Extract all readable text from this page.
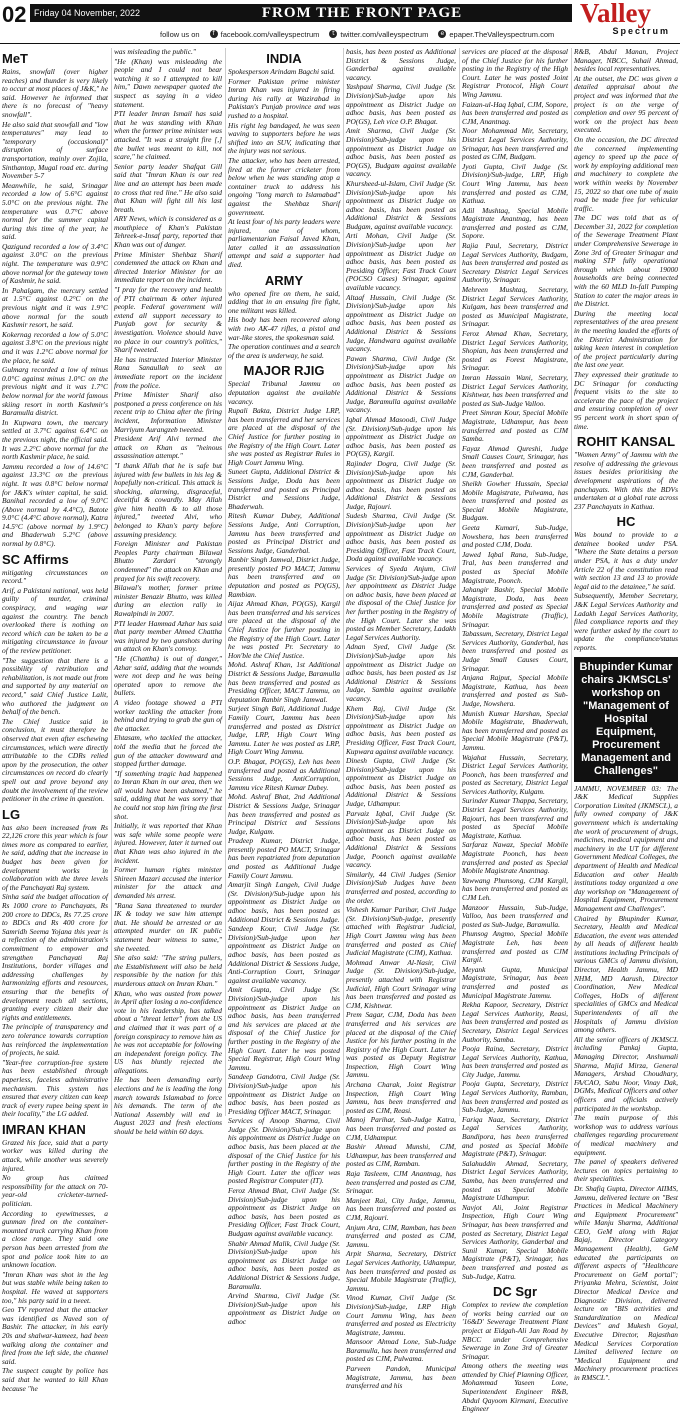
02 Friday 04 November, 2022	FROM THE FRONT PAGE	Valley
Spectrum
follow us on	f facebook.com/valleyspectrum	t twitter.com/valleyspectrum	e epaper.TheValleyspectrum.com
MeT

Rains, snowfall (over higher reaches) and thunder is very likely to occur at most places of J&K," he said. However he informed that there is no forecast of "heavy snowfall".

He also said that snowfall and "low temperatures" may lead to "temporary (occasional)" disruption of surface transportation, mainly over Zojila, Sinthantop, Mugal road etc. during November 5-7

Meanwhile, he said, Srinagar recorded a low of 5.6°C against 5.0°C on the previous night. The temperature was 0.7°C above normal for the summer capital during this time of the year, he said.

Qazigund recorded a low of 3.4°C against 3.0°C on the previous night. The temperature was 0.9°C above normal for the gateway town of Kashmir, he said.

In Pahalgam, the mercury settled at 1.5°C against 0.2°C on the previous night and it was 1.9°C above normal for the south Kashmir resort, he said.

Kokernag recorded a low of 5.0°C against 3.8°C on the previous night and it was 1.2°C above normal for the place, he said.

Gulmarg recorded a low of minus 0.0°C against minus 1.0°C on the previous night and it was 1.7°C below normal for the world famous skiing resort in north Kashmir's Baramulla district.

In Kupwara town, the mercury settled at 3.7°C against 6.4°C on the previous night, the official said. It was 2.2°C above normal for the north Kashmir place, he said.

Jammu recorded a low of 14.6°C against 13.3°C on the previous night. It was 0.8°C below normal for J&K's winter capital, he said. Banihal recorded a low of 9.0°C (Above normal by 4.4°C), Batote 9.0°C (4.4°C above normal), Katra 14.5°C (above normal by 1.9°C) and Bhaderwah 5.2°C (above normal by 0.8°C).

SC Affirms

mitigating circumstances on record."

Arif, a Pakistani national, was held guilty of murder, criminal conspiracy, and waging war against the country. The bench overlooked there is nothing on record which can be taken to be a mitigating circumstance in favour of the review petitioner.

"The suggestion that there is a possibility of retribution and rehabilitation, is not made out from and supported by any material on record," said Chief Justice Lalit, who authored the judgment on behalf of the bench.

The Chief Justice said in conclusion, it must therefore be observed that even after eschewing circumstances, which were directly attributable to the CDRs relied upon by the prosecution, the other circumstances on record do clearly spell out and prove beyond any doubt the involvement of the review petitioner in the crime in question.

LG

has also been increased from Rs 22,126 crore this year which is four times more as compared to earlier, he said, adding that the increase in budget has been given for development works in collaboration with the three levels of the Panchayati Raj system.

Sinha said the budget allocation of Rs 1000 crore to Panchayats, Rs 200 crore to DDCs, Rs 77.25 crore to BDCs and Rs 400 crore for Samridh Seema Yojana this year is a reflection of the administration's commitment to empower and strengthen Panchayati Raj Institutions, border villages and addressing challenges by harmonizing efforts and resources, ensuring that the benefits of development reach all sections, granting every citizen their due rights and entitlements.

The principle of transparency and zero tolerance towards corruption has reinforced the implementation of projects, he said.

"Year-free corruption-free system has been established through paperless, faceless administrative mechanism. This system has ensured that every citizen can keep track of every rupee being spent in their locality," the LG added.

IMRAN KHAN

Grazed his face, said that a party worker was killed during the attack, while another was severely injured.

No group has claimed responsibility for the attack on 70-year-old cricketer-turned-politician.

According to eyewitnesses, a gunman fired on the container-mounted truck carrying Khan from a close range. They said one person has been arrested from the spot and police took him to an unknown location.

"Imran Khan was shot in the leg but was stable while being taken to hospital. He waved at supporters too," his party said in a tweet.

Geo TV reported that the attacker was identified as Naved son of Bashir. The attacker, in his early 20s and shalwar-kameez, had been walking along the container and fired from the left side, the channel said.

The suspect caught by police has said that he wanted to kill Khan because "he

was misleading the public."

"He (Khan) was misleading the people and I could not bear watching it so I attempted to kill him," Dawn newspaper quoted the suspect as saying in a video statement.

PTI leader Imran Ismail has said that he was standing with Khan when the former prime minister was attacked. "It was a straight fire [,] the bullet was meant to kill, not scare," he claimed.

Senior party leader Shafqat Gill said that "Imran Khan is our red line and an attempt has been made to cross that red line." He also said that Khan will fight till his last breath.

ARY News, which is considered as a mouthpiece of Khan's Pakistan Tehreek-e-Insaf party, reported that Khan was out of danger.

Prime Minister Shehbaz Sharif condemned the attack on Khan and directed Interior Minister for an immediate report on the incident.

"I pray for the recovery and health of PTI chairman & other injured people. Federal government will extend all support necessary to Punjab govt for security & investigation. Violence should have no place in our country's politics," Sharif tweeted.

He has instructed Interior Minister Rana Sanaullah to seek an immediate report on the incident from the police.

Prime Minister Sharif also postponed a press conference on his recent trip to China after the firing incident, Information Minister Marriyum Aurangzeb tweeted.

President Arif Alvi termed the attack on Khan as "heinous assassination attempt."

"I thank Allah that he is safe but injured with few bullets in his leg & hopefully non-critical. This attack is shocking, alarming, disgraceful, deceitful & cowardly. May Allah give him health & to all those injured," tweeted Alvi, who belonged to Khan's party before assuming presidency.

Foreign Minister and Pakistan Peoples Party chairman Bilawal Bhutto Zardari "strongly condemned" the attack on Khan and prayed for his swift recovery.

Bilawal's mother, former prime minister Benazir Bhutto, was killed during an election rally in Rawalpindi in 2007.

PTI leader Hammad Azhar has said that party member Ahmed Chattha was injured by two gunshots during an attack on Khan's convoy.

"He (Chattha) is out of danger," Azhar said, adding that the wounds were not deep and he was being operated upon to remove the bullets.

A video footage showed a PTI worker tackling the attacker from behind and trying to grab the gun of the attacker.

Ehtasam, who tackled the attacker, told the media that he forced the gun of the attacker downward and stopped further damage.

"If something tragic had happened to Imran Khan in our area, then we all would have been ashamed," he said, adding that he was sorry that he could not stop him firing the first shot.

Initially, it was reported that Khan was safe while some people were injured. However, later it turned out that Khan was also injured in the incident.

Former human rights minister Shireen Mazari accused the interior minister for the attack and demanded his arrest.

"Rana Sana threatened to murder IK & today we saw him attempt that. He should be arrested or an attempted murder on IK public statement bear witness to same," she tweeted.

She also said: "The string pullers, the Establishment will also be held responsible by the nation for this murderous attack on Imran Khan."

Khan, who was ousted from power in April after losing a no-confidence vote in his leadership, has talked about a "threat letter" from the US and claimed that it was part of a foreign conspiracy to remove him as he was not acceptable for following an independent foreign policy. The US has bluntly rejected the allegations.

He has been demanding early elections and he is leading the long march towards Islamabad to force his demands. The term of the National Assembly will end in August 2023 and fresh elections should be held within 60 days.

INDIA

Spokesperson Arindam Bagchi said.

Former Pakistan prime minister Imran Khan was injured in firing during his rally at Wazirabad in Pakistan's Punjab province and was rushed to a hospital.

His right leg bandaged, he was seen waving to supporters before he was shifted into an SUV, indicating that the injury was not serious.

The attacker, who has been arrested, fired at the former cricketer from below when he was standing atop a container truck to address his ongoing "long march to Islamabad" against the Shehbaz Sharif government.

At least four of his party leaders were injured, one of whom, parliamentarian Faisal Javed Khan, later called it an assassination attempt and said a supporter had died.

ARMY

who opened fire on them, he said, adding that in an ensuing fire fight, one militant was killed.

His body has been recovered along with two AK-47 rifles, a pistol and war-like stores, the spokesman said.

The operation continues and a search of the area is underway, he said.

MAJOR RJIG

Special Tribunal Jammu on deputation against the available vacancy.

Rupali Bakta, District Judge LRP, has been transferred and her services are placed at the disposal of the Chief Justice for further posting in the Registry of the High Court. Later she was posted as Registrar Rules in High Court Jammu Wing.

Suneet Gupta, Additional District & Sessions Judge, Doda has been transferred and posted as Principal District and Sessions Judge, Bhaderwah.

Ritesh Kumar Dubey, Additional Sessions Judge, Anti Corruption, Jammu has been transferred and posted as Principal District and Sessions Judge, Ganderbal.

Ranbir Singh Jamwal, District Judge, presently posted PO MACT, Jammu has been transferred and on deputation and posted as PO(GS), Rambian.

Aijaz Ahmad Khan, PO(GS), Kargil has been transferred and his services are placed at the disposal of the Chief Justice for further posting in the Registry of the High Court. Later he was posted Pr. Secretary to Hon'ble the Chief Justice.

Mohd. Ashraf Khan, 1st Additional District & Sessions Judge, Baramulla has been transferred and posted as Presiding Officer, MACT Jammu, on deputation Ranbir Singh Jamwal.

Surjeet Singh Bali, Additional Judge Family Court, Jammu has been transferred and posted as District Judge, LRP, High Court Wing Jammu. Later he was posted as LRP, High Court Wing Jammu.

O.P. Bhagat, PO(GS), Leh has been transferred and posted as Additional Sessions Judge, AntiCorruption, Jammu vice Ritesh Kumar Dubey.

Mohd. Ashraf Bhat, 2nd Additional District & Sessions Judge, Srinagar has been transferred and posted as Principal District and Sessions Judge, Kulgam.

Pradeep Kumar, District Judge, presently posted PO MACT, Srinagar has been repatriated from deputation and posted as Additional Judge Family Court Jammu.

Amarjit Singh Langeh, Civil Judge (Sr. Division)/Sub-judge upon his appointment as District Judge on adhoc basis, has been posted as Additional District & Sessions Judge.

Sandeep Kour, Civil Judge (Sr. Division)/Sub-judge upon her appointment as District Judge on adhoc basis, has been posted as Additional District & Sessions Judge, Anti-Corruption Court, Srinagar against available vacancy.

Amit Gupta, Civil Judge (Sr. Division)/Sub-judge upon his appointment as District Judge on adhoc basis, has been transferred and his services are placed at the disposal of the Chief Justice for further posting in the Registry of the High Court. Later he was posted Special Registrar, High Court Wing Jammu.

Sandeep Gandotra, Civil Judge (Sr. Division)/Sub-judge upon his appointment as District Judge on adhoc basis, has been posted as Presiding Officer MACT, Srinagar.

Services of Anoop Sharma, Civil Judge (Sr. Division)/Sub-judge upon his appointment as District Judge on adhoc basis, has been placed at the disposal of the Chief Justice for his further posting in the Registry of the High Court. Later the officer was posted Registrar Computer (IT).

Feroz Ahmad Bhat, Civil Judge (Sr. Division)/Sub-judge upon his appointment as District Judge on adhoc basis, has been posted as Presiding Officer, Fast Track Court, Budgam against available vacancy.

Shabir Ahmad Malik, Civil Judge (Sr. Division)/Sub-judge upon his appointment as District Judge on adhoc basis, has been posted as Additional District & Sessions Judge, Baramulla.

Arvind Sharma, Civil Judge (Sr. Division)/Sub-judge upon his appointment as District Judge on adhoc

basis, has been posted as Additional District & Sessions Judge, Ganderbal against available vacancy.

Yashpaul Sharma, Civil Judge (Sr. Division)/Sub-judge upon his appointment as District Judge on adhoc basis, has been posted as PO(GS), Leh vice O.P. Bhagat.

Amit Sharma, Civil Judge (Sr. Division)/Sub-judge upon his appointment as District Judge on adhoc basis, has been posted as PO(GS), Budgam against available vacancy.

Khursheed-ul-Islam, Civil Judge (Sr. Division)/Sub-judge upon his appointment as District Judge on adhoc basis, has been posted as Additional District & Sessions Budgam, against available vacancy.

Arti Mohan, Civil Judge (Sr. Division)/Sub-judge upon her appointment as District Judge on adhoc basis, has been posted as Presiding Officer, Fast Track Court (POCSO Cases) Srinagar, against available vacancy.

Altaaf Hussain, Civil Judge (Sr. Division)/Sub-judge upon his appointment as District Judge on adhoc basis, has been posted as Additional District & Sessions Judge, Handwara against available vacancy.

Pawan Sharma, Civil Judge (Sr. Division)/Sub-judge upon his appointment as District Judge on adhoc basis, has been posted as Additional District & Sessions Judge, Baramulla against available vacancy.

Iqbal Ahmad Masoodi, Civil Judge (Sr. Division)/Sub-judge upon his appointment as District Judge on adhoc basis, has been posted as PO(GS), Kargil.

Rajinder Dogra, Civil Judge (Sr. Division)/Sub-judge upon his appointment as District Judge on adhoc basis, has been posted as Additional District & Sessions Judge, Rajouri.

Sudesh Sharma, Civil Judge (Sr. Division)/Sub-judge upon her appointment as District Judge on adhoc basis, has been posted as Presiding Officer, Fast Track Court, Doda against available vacancy.

Services of Syeda Anjum, Civil Judge (Sr. Division)/Sub-judge upon her appointment as District Judge on adhoc basis, have been placed at the disposal of the Chief Justice for her further posting in the Registry of the High Court. Later she was posted as Member Secretary, Ladakh Legal Services Authority.

Adnan Syed, Civil Judge (Sr. Division)/Sub-judge upon his appointment as District Judge on adhoc basis, has been posted as 1st Additional District & Sessions Judge, Sambla against available vacancy.

Khem Raj, Civil Judge (Sr. Division)/Sub-judge upon his appointment as District Judge on adhoc basis, has been posted as Presiding Officer, Fast Track Court, Kupwara against available vacancy.

Dinesh Gupta, Civil Judge (Sr. Division)/Sub-judge upon his appointment as District Judge on adhoc basis, has been posted as Additional District & Sessions Judge, Udhampur.

Parvaiz Iqbal, Civil Judge (Sr. Division)/Sub-judge upon his appointment as District Judge on adhoc basis, has been posted as Additional District & Sessions Judge, Poonch against available vacancy.

Similarly, 44 Civil Judges (Senior Division)/Sub Judges have been transferred and posted, according to the order.

Vishesh Kumar Parihar, Civil Judge (Sr. Division)/Sub-judge, presently attached with Registrar Judicial, High Court Jammu wing has been transferred and posted as Chief Judicial Magistrate (CJM), Kathua.

Mohmad Anwar Al-Nasir, Civil Judge (Sr. Division)/Sub-judge, presently attached with Registrar Judicial, High Court Srinagar wing has been transferred and posted as CJM, Kishtwar.

Prem Sagar, CJM, Doda has been transferred and his services are placed at the disposal of the Chief Justice for his further posting in the Registry of the High Court. Later he was posted as Deputy Registrar Inspection, High Court Wing Jammu.

Archana Charak, Joint Registrar Inspection, High Court Wing Jammu, has been transferred and posted as CJM, Reasi.

Manoj Parihar, Sub-Judge Katra, has been transferred and posted as CJM, Udhampur.

Bashir Ahmad Munshi, CJM, Udhampur, has been transferred and posted as CJM, Ramban.

Raja Tasleem, CJM Anantnag, has been transferred and posted as CJM, Srinagar.

Manjeet Rai, City Judge, Jammu, has been transferred and posted as CJM, Rajouri.

Anjum Ara, CJM, Ramban, has been transferred and posted as CJM, Jammu.

Arpit Sharma, Secretary, District Legal Services Authority, Udhampur, has been transferred and posted as Special Mobile Magistrate (Traffic), Jammu.

Vinod Kumar, Civil Judge (Sr. Division)/Sub-judge, LRP High Court Jammu Wing, has been transferred and posted as Electricity Magistrate, Jammu.

Mansoor Ahmad Lone, Sub-Judge Baramulla, has been transferred and posted as CJM, Pulwama.

Parveen Pandoh, Municipal Magistrate, Jammu, has been transferred and his

services are placed at the disposal of the Chief Justice for his further posting in the Registry of the High Court. Later he was posted Joint Registrar Protocol, High Court Wing Jammu.

Faizan-ul-Haq Iqbal, CJM, Sopore, has been transferred and posted as CJM, Anantnag.

Noor Mohammad Mir, Secretary, District Legal Services Authority, Srinagar, has been transferred and posted as CJM, Budgam.

Jyoti Gupta, Civil Judge (Sr. Division)/Sub-judge, LRP, High Court Wing Jammu, has been transferred and posted as CJM, Kathua.

Adil Mushtaq, Special Mobile Magistrate Anantnag, has been transferred and posted as CJM, Sopore.

Rajia Paul, Secretary, District Legal Services Authority, Budgam, has been transferred and posted as Secretary District Legal Services Authority, Srinagar.

Mehreen Mushtaq, Secretary, District Legal Services Authority, Kulgam, has been transferred and posted as Municipal Magistrate, Srinagar.

Feroz Ahmad Khan, Secretary, District Legal Services Authority, Shopian, has been transferred and posted as Forest Magistrate, Srinagar.

Imran Hassain Wani, Secretary, District Legal Services Authority, Kishtwar, has been transferred and posted as Sub-Judge Valloo.

Preet Simran Kour, Special Mobile Magistrate, Udhampur, has been transferred and posted as CJM Samba.

Fayaz Ahmad Qureshi, Judge Small Causes Court, Srinagar, has been transferred and posted as CJM, Ganderbal.

Sheikh Gowher Hussain, Special Mobile Magistrate, Pulwama, has been transferred and posted as Special Mobile Magistrate, Budgam.

Geeta Kumari, Sub-Judge, Nowshera, has been transferred and posted CJM, Doda.

Jawed Iqbal Rana, Sub-Judge, Tral, has been transferred and posted as Special Mobile Magistrate, Poonch.

Jahangir Bashir, Special Mobile Magistrate, Doda, has been transferred and posted as Special Mobile Magistrate (Traffic), Srinagar.

Tabassum, Secretary, District Legal Services Authority, Ganderbal, has been transferred and posted as Judge Small Causes Court, Srinagar.

Anjana Rajput, Special Mobile Magistrate, Kathua, has been transferred and posted as Sub-Judge, Nowshera.

Munish Kumar Harshan, Special Mobile Magistrate, Bhaderwah, has been transferred and posted as Special Mobile Magistrate (P&T), Jammu.

Wajahat Hussain, Secretary, District Legal Services Authority, Poonch, has been transferred and posted as Secretary, District Legal Services Authority, Kulgam.

Surinder Kumar Thappa, Secretary, District Legal Services Authority, Rajouri, has been transferred and posted as Special Mobile Magistrate, Kathua.

Sarfaraz Nawaz, Special Mobile Magistrate Poonch, has been transferred and posted as Special Mobile Magistrate Anantnag.

Yawwang Phunsong, CJM Kargil, has been transferred and posted as CJM Leh.

Manzoor Hussain, Sub-Judge, Valloo, has been transferred and posted as Sub-Judge, Baramulla.

Phunsog Angmo, Special Mobile Magistrate Leh, has been transferred and posted as CJM Kargil.

Meyank Gupta, Municipal Magistrate, Srinagar, has been transferred and posted as Municipal Magistrate Jammu.

Rekha Kapoor, Secretary, District Legal Services Authority, Reasi, has been transferred and posted as Secretary, District Legal Services Authority, Samba.

Pooja Raina, Secretary, District Legal Services Authority, Kathua, has been transferred and posted as City Judge, Jammu.

Pooja Gupta, Secretary, District Legal Services Authority, Ramban, has been transferred and posted as Sub-Judge, Jammu.

Fariqa Naaz, Secretary, District Legal Services Authority, Bandipora, has been transferred and posted as Special Mobile Magistrate (P&T), Srinagar.

Salahuddin Ahmad, Secretary, District Legal Services Authority, Samba, has been transferred and posted as Special Mobile Magistrate Udhampur.

Navjot Ali, Joint Registrar Inspection, High Court Wing Srinagar, has been transferred and posted as Secretary, District Legal Services Authority, Ganderbal and Sunil Kumar, Special Mobile Magistrate (P&T), Srinagar, has been transferred and posted as Sub-Judge, Katra.

DC Sgr

Complex to review the completion of works being carried out on '16&D' Sewerage Treatment Plant project at Eidgah-Ali Jan Road by NBCC under Comprehensive Sewerage in Zone 3rd of Greater Srinagar.

Among others the meeting was attended by Chief Planning Officer, Mohammad Yaseen Lone, Superintendent Engineer R&B, Abdul Qayoom Kirmani, Executive Engineer

R&B, Abdul Manan, Project Manager, NBCC, Suhail Ahmad, besides local representatives.

At the outset, the DC was given a detailed appraisal about the project and was informed that the project is on the verge of completion and over 95 percent of work on the project has been executed.

On the occasion, the DC directed the concerned implementing agency to speed up the pace of work by employing additional men and machinery to complete the work within weeks by November 15, 2022 so that one tube of main road be made free for vehicular traffic.

The DC was told that as of December 31, 2022 for completion of the Sewerage Treatment Plant under Comprehensive Sewerage in Zone 3rd of Greater Srinagar and making STP fully operational through which about 19000 households are being connected with the 60 MLD In-fall Pumping Station to cater the major areas in the District.

During the meeting local representatives of the area present in the meeting lauded the efforts of the District Administration for taking keen interest in completion of the project particularly during the last one year.

They expressed their gratitude to DC Srinagar for conducting frequent visits to the site to accelerate the pace of the project and ensuring completion of over 95 percent work in short span of time.

ROHIT KANSAL

"Women Army" of Jammu with the resolve of addressing the grievous issues besides prioritising the development aspirations of the panchayats. With this the BDVs undertaken at a global rate across 237 Panchayats in Kathua.

HC

Was bound to provide to a detainee booked under PSA. "Where the State detains a person under PSA, it has a duty under Article 22 of the constitution read with section 13 and 13 to provide legal aid to the detainee," he said.

Subsequently, Member Secretary, J&K Legal Services Authority and Ladakh Legal Services Authority, filed compliance reports and they were further asked by the court to update the compliance/status reports.

Bhupinder Kumar chairs JKMSCLs' workshop on "Management of Hospital Equipment, Procurement Management and Challenges"

JAMMU, NOVEMBER 03: The J&K Medical Supplies Corporation Limited (JKMSCL), a fully owned company of J&K government which is undertaking the work of procurement of drugs, medicines, medical equipment and machinery in the UT for different Government Medical Colleges, the department of Health and Medical Education and other Health institutions today organized a one day workshop on "Management of Hospital Equipment, Procurement Management and Challenges".

Chaired by Bhupinder Kumar, Secretary, Health and Medical Education, the event was attended by all heads of different health institutions including Principals of various GMCs of Jammu division, Director, Health Jammu, MD NHM, MD Aarush, Director Coordination, New Medical Colleges, HoDs of different specialities of GMCs and Medical Superintendents of all the Hospitals of Jammu division among others.

All the senior officers of JKMSCL including Pankaj Gupta, Managing Director, Anshumali Sharma, Majid Mirza, General Managers, Arshad Choudhary, FA/CAO, Sabu Noor, Vinay Dak, DGMs, Medical Officers and other officers and officials actively participated in the workshop.

The main purpose of this workshop was to address various challenges regarding procurement of medical machinery and equipment.

The panel of speakers delivered lectures on topics pertaining to their specialities.

Dr. Shafiq Gupta, Director AIIMS, Jammu, delivered lecture on "Best Practices in Medical Machinery and Equipment Procurement" while Manju Sharma, Additional CEO, GeM along with Rajat Bajaj, Director Category Management (Health), GeM educated the participants on different aspects of "Healthcare Procurement on GeM portal"; Priyanka Mehra, Scientist, Joint Director Medical Device and Diagnostic Division, delivered lecture on "BIS activities and Standardization on Medical Devices" and Mukesh Goyal, Executive Director, Rajasthan Medical Services Corporation Limited delivered lecture on "Medical Equipment and Machinery procurement practices in RMSCL".
